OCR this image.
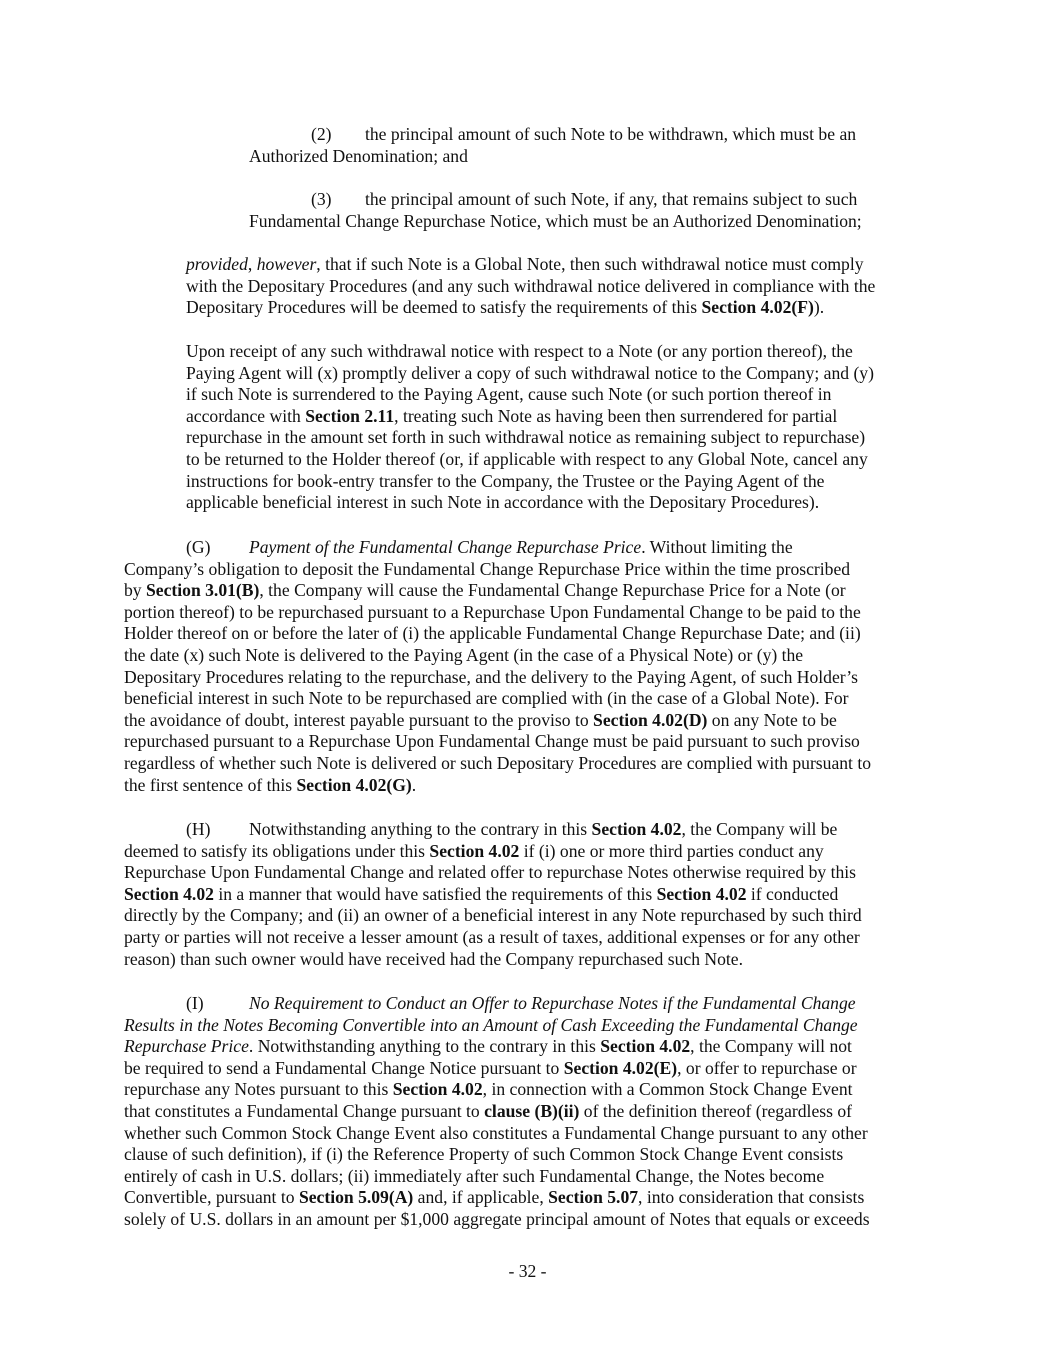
(2) the principal amount of such Note to be withdrawn, which must be an
Authorized Denomination; and
(3) the principal amount of such Note, if any, that remains subject to such
Fundamental Change Repurchase Notice, which must be an Authorized Denomination;
provided, however, that if such Note is a Global Note, then such withdrawal notice must comply
with the Depositary Procedures (and any such withdrawal notice delivered in compliance with the
Depositary Procedures will be deemed to satisfy the requirements of this Section 4.02(F)).
Upon receipt of any such withdrawal notice with respect to a Note (or any portion thereof), the
Paying Agent will (x) promptly deliver a copy of such withdrawal notice to the Company; and (y)
if such Note is surrendered to the Paying Agent, cause such Note (or such portion thereof in
accordance with Section 2.11, treating such Note as having been then surrendered for partial
repurchase in the amount set forth in such withdrawal notice as remaining subject to repurchase)
to be returned to the Holder thereof (or, if applicable with respect to any Global Note, cancel any
instructions for book-entry transfer to the Company, the Trustee or the Paying Agent of the
applicable beneficial interest in such Note in accordance with the Depositary Procedures).
(G) Payment of the Fundamental Change Repurchase Price. Without limiting the
Company’s obligation to deposit the Fundamental Change Repurchase Price within the time proscribed
by Section 3.01(B), the Company will cause the Fundamental Change Repurchase Price for a Note (or
portion thereof) to be repurchased pursuant to a Repurchase Upon Fundamental Change to be paid to the
Holder thereof on or before the later of (i) the applicable Fundamental Change Repurchase Date; and (ii)
the date (x) such Note is delivered to the Paying Agent (in the case of a Physical Note) or (y) the
Depositary Procedures relating to the repurchase, and the delivery to the Paying Agent, of such Holder’s
beneficial interest in such Note to be repurchased are complied with (in the case of a Global Note). For
the avoidance of doubt, interest payable pursuant to the proviso to Section 4.02(D) on any Note to be
repurchased pursuant to a Repurchase Upon Fundamental Change must be paid pursuant to such proviso
regardless of whether such Note is delivered or such Depositary Procedures are complied with pursuant to
the first sentence of this Section 4.02(G).
(H) Notwithstanding anything to the contrary in this Section 4.02, the Company will be
deemed to satisfy its obligations under this Section 4.02 if (i) one or more third parties conduct any
Repurchase Upon Fundamental Change and related offer to repurchase Notes otherwise required by this
Section 4.02 in a manner that would have satisfied the requirements of this Section 4.02 if conducted
directly by the Company; and (ii) an owner of a beneficial interest in any Note repurchased by such third
party or parties will not receive a lesser amount (as a result of taxes, additional expenses or for any other
reason) than such owner would have received had the Company repurchased such Note.
(I)	No Requirement to Conduct an Offer to Repurchase Notes if the Fundamental Change
Results in the Notes Becoming Convertible into an Amount of Cash Exceeding the Fundamental Change
Repurchase Price. Notwithstanding anything to the contrary in this Section 4.02, the Company will not
be required to send a Fundamental Change Notice pursuant to Section 4.02(E), or offer to repurchase or
repurchase any Notes pursuant to this Section 4.02, in connection with a Common Stock Change Event
that constitutes a Fundamental Change pursuant to clause (B)(ii) of the definition thereof (regardless of
whether such Common Stock Change Event also constitutes a Fundamental Change pursuant to any other
clause of such definition), if (i) the Reference Property of such Common Stock Change Event consists
entirely of cash in U.S. dollars; (ii) immediately after such Fundamental Change, the Notes become
Convertible, pursuant to Section 5.09(A) and, if applicable, Section 5.07, into consideration that consists
solely of U.S. dollars in an amount per $1,000 aggregate principal amount of Notes that equals or exceeds
- 32 -
